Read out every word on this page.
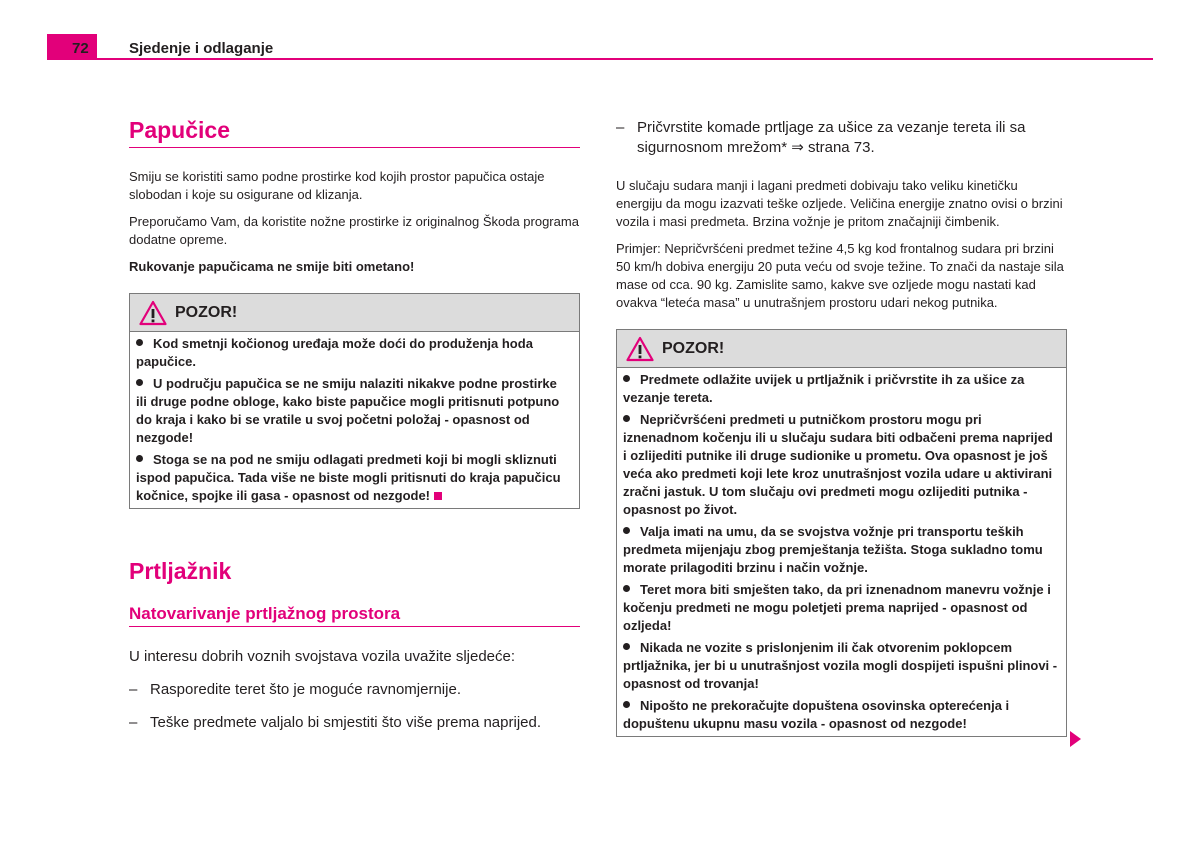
72	Sjedenje i odlaganje
Papučice

Smiju se koristiti samo podne prostirke kod kojih prostor papučica ostaje slobodan i koje su osigurane od klizanja.

Preporučamo Vam, da koristite nožne prostirke iz originalnog Škoda programa dodatne opreme.

Rukovanje papučicama ne smije biti ometano!

POZOR!
Kod smetnji kočionog uređaja može doći do produženja hoda papučice.
U području papučica se ne smiju nalaziti nikakve podne prostirke ili druge podne obloge, kako biste papučice mogli pritisnuti potpuno do kraja i kako bi se vratile u svoj početni položaj - opasnost od nezgode!
Stoga se na pod ne smiju odlagati predmeti koji bi mogli skliznuti ispod papučica. Tada više ne biste mogli pritisnuti do kraja papučicu kočnice, spojke ili gasa - opasnost od nezgode!
Prtljažnik
Natovarivanje prtljažnog prostora

U interesu dobrih voznih svojstava vozila uvažite sljedeće:

– Rasporedite teret što je moguće ravnomjernije.
– Teške predmete valjalo bi smjestiti što više prema naprijed.
– Pričvrstite komade prtljage za ušice za vezanje tereta ili sa sigurnosnom mrežom* ⇒ strana 73.

U slučaju sudara manji i lagani predmeti dobivaju tako veliku kinetičku energiju da mogu izazvati teške ozljede. Veličina energije znatno ovisi o brzini vozila i masi predmeta. Brzina vožnje je pritom značajniji čimbenik.

Primjer: Nepričvršćeni predmet težine 4,5 kg kod frontalnog sudara pri brzini 50 km/h dobiva energiju 20 puta veću od svoje težine. To znači da nastaje sila mase od cca. 90 kg. Zamislite samo, kakve sve ozljede mogu nastati kad ovakva “leteća masa” u unutrašnjem prostoru udari nekog putnika.

POZOR!
Predmete odlažite uvijek u prtljažnik i pričvrstite ih za ušice za vezanje tereta.
Nepričvršćeni predmeti u putničkom prostoru mogu pri iznenadnom kočenju ili u slučaju sudara biti odbačeni prema naprijed i ozlijediti putnike ili druge sudionike u prometu. Ova opasnost je još veća ako predmeti koji lete kroz unutrašnjost vozila udare u aktivirani zračni jastuk. U tom slučaju ovi predmeti mogu ozlijediti putnika - opasnost po život.
Valja imati na umu, da se svojstva vožnje pri transportu teških predmeta mijenjaju zbog premještanja težišta. Stoga sukladno tomu morate prilagoditi brzinu i način vožnje.
Teret mora biti smješten tako, da pri iznenadnom manevru vožnje i kočenju predmeti ne mogu poletjeti prema naprijed - opasnost od ozljeda!
Nikada ne vozite s prislonjenim ili čak otvorenim poklopcem prtljažnika, jer bi u unutrašnjost vozila mogli dospijeti ispušni plinovi - opasnost od trovanja!
Nipošto ne prekoračujte dopuštena osovinska opterećenja i dopuštenu ukupnu masu vozila - opasnost od nezgode!
